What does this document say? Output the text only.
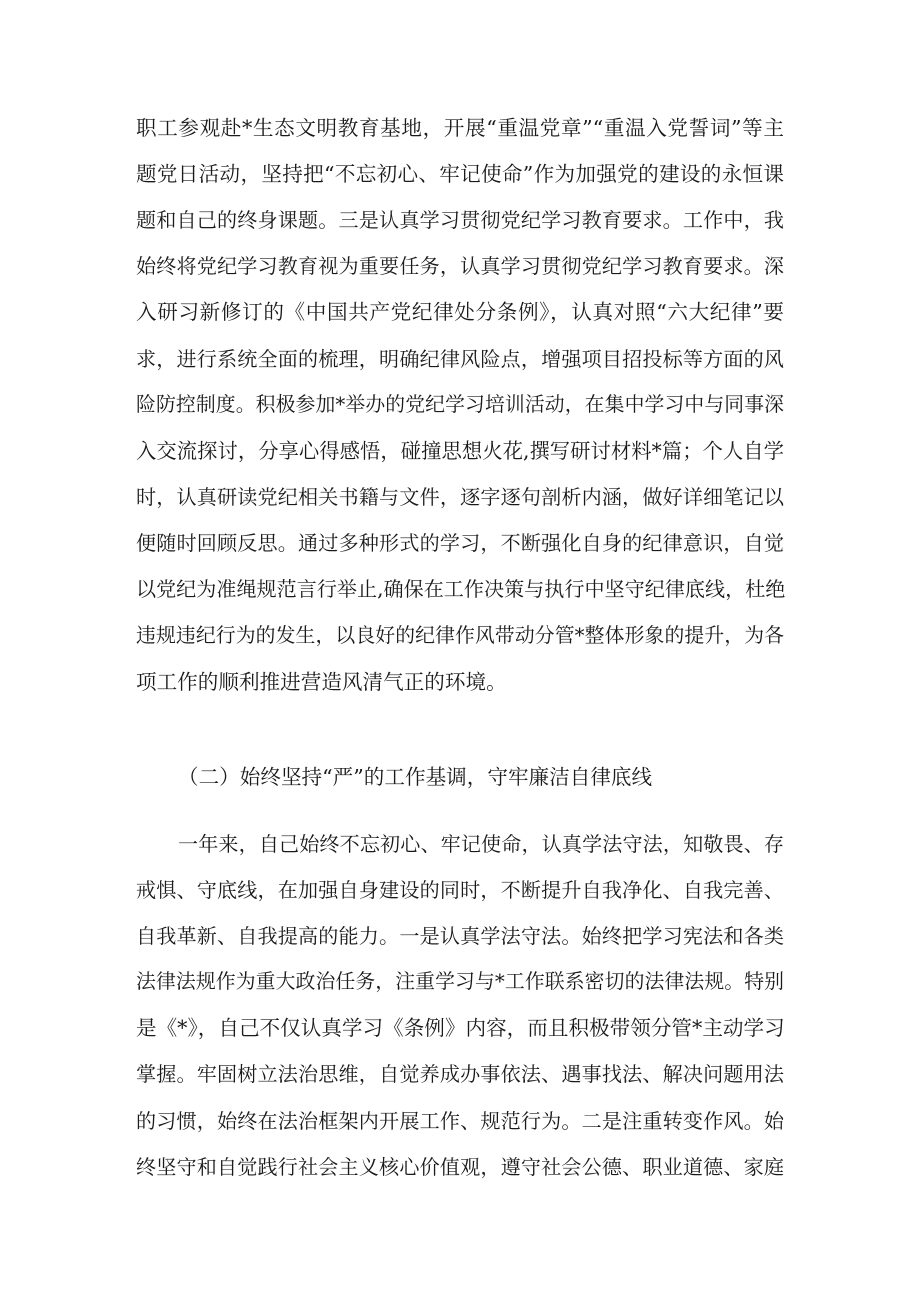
职工参观赴*生态文明教育基地，开展“重温党章”“重温入党誓词”等主
题党日活动，坚持把“不忘初心、牢记使命”作为加强党的建设的永恒课
题和自己的终身课题。三是认真学习贯彻党纪学习教育要求。工作中，我
始终将党纪学习教育视为重要任务，认真学习贯彻党纪学习教育要求。深
入研习新修订的《中国共产党纪律处分条例》，认真对照“六大纪律”要
求，进行系统全面的梳理，明确纪律风险点，增强项目招投标等方面的风
险防控制度。积极参加*举办的党纪学习培训活动，在集中学习中与同事深
入交流探讨，分享心得感悟，碰撞思想火花,撰写研讨材料*篇；个人自学
时，认真研读党纪相关书籍与文件，逐字逐句剖析内涵，做好详细笔记以
便随时回顾反思。通过多种形式的学习，不断强化自身的纪律意识，自觉
以党纪为准绳规范言行举止,确保在工作决策与执行中坚守纪律底线，杜绝
违规违纪行为的发生，以良好的纪律作风带动分管*整体形象的提升，为各
项工作的顺利推进营造风清气正的环境。
（二）始终坚持“严”的工作基调，守牢廉洁自律底线
一年来，自己始终不忘初心、牢记使命，认真学法守法，知敬畏、存
戒惧、守底线，在加强自身建设的同时，不断提升自我净化、自我完善、
自我革新、自我提高的能力。一是认真学法守法。始终把学习宪法和各类
法律法规作为重大政治任务，注重学习与*工作联系密切的法律法规。特别
是《*》，自己不仅认真学习《条例》内容，而且积极带领分管*主动学习
掌握。牢固树立法治思维，自觉养成办事依法、遇事找法、解决问题用法
的习惯，始终在法治框架内开展工作、规范行为。二是注重转变作风。始
终坚守和自觉践行社会主义核心价值观，遵守社会公德、职业道德、家庭
